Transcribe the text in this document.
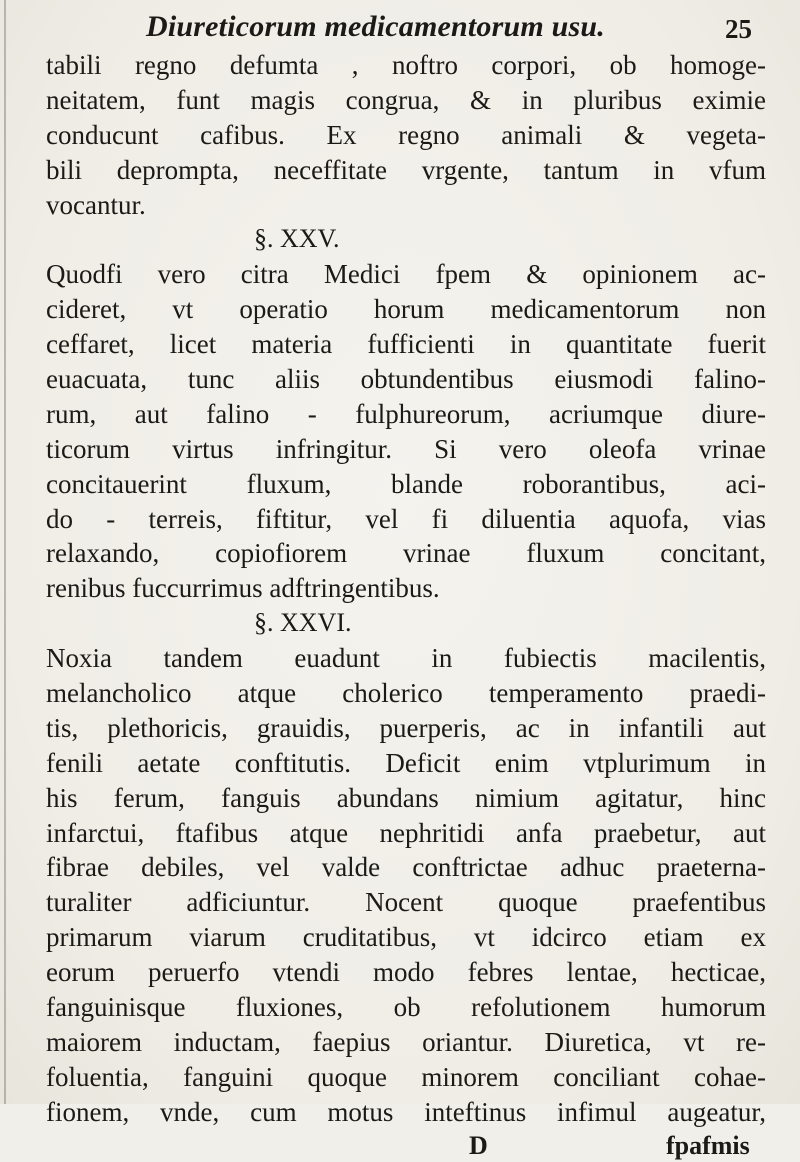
Diureticorum medicamentorum usu.	25
tabili regno defumta , noftro corpori, ob homoge-
neitatem, funt magis congrua, & in pluribus eximie
conducunt cafibus. Ex regno animali & vegeta-
bili deprompta, neceffitate vrgente, tantum in vfum
vocantur.
§. XXV.
Quodfi vero citra Medici fpem & opinionem ac-
cideret, vt operatio horum medicamentorum non
ceffaret, licet materia fufficienti in quantitate fuerit
euacuata, tunc aliis obtundentibus eiusmodi falino-
rum, aut falino - fulphureorum, acriumque diure-
ticorum virtus infringitur. Si vero oleofa vrinae
concitauerint fluxum, blande roborantibus, aci-
do - terreis, fiftitur, vel fi diluentia aquofa, vias
relaxando, copiofiorem vrinae fluxum concitant,
renibus fuccurrimus adftringentibus.
§. XXVI.
Noxia tandem euadunt in fubiectis macilentis,
melancholico atque cholerico temperamento praedi-
tis, plethoricis, grauidis, puerperis, ac in infantili aut
fenili aetate conftitutis. Deficit enim vtplurimum in
his ferum, fanguis abundans nimium agitatur, hinc
infarctui, ftafibus atque nephritidi anfa praebetur, aut
fibrae debiles, vel valde conftrictae adhuc praeterna-
turaliter adficiuntur. Nocent quoque praefentibus
primarum viarum cruditatibus, vt idcirco etiam ex
eorum peruerfo vtendi modo febres lentae, hecticae,
fanguinisque fluxiones, ob refolutionem humorum
maiorem inductam, faepius oriantur. Diuretica, vt re-
foluentia, fanguini quoque minorem conciliant cohae-
fionem, vnde, cum motus inteftinus infimul augeatur,
D	fpafmis
